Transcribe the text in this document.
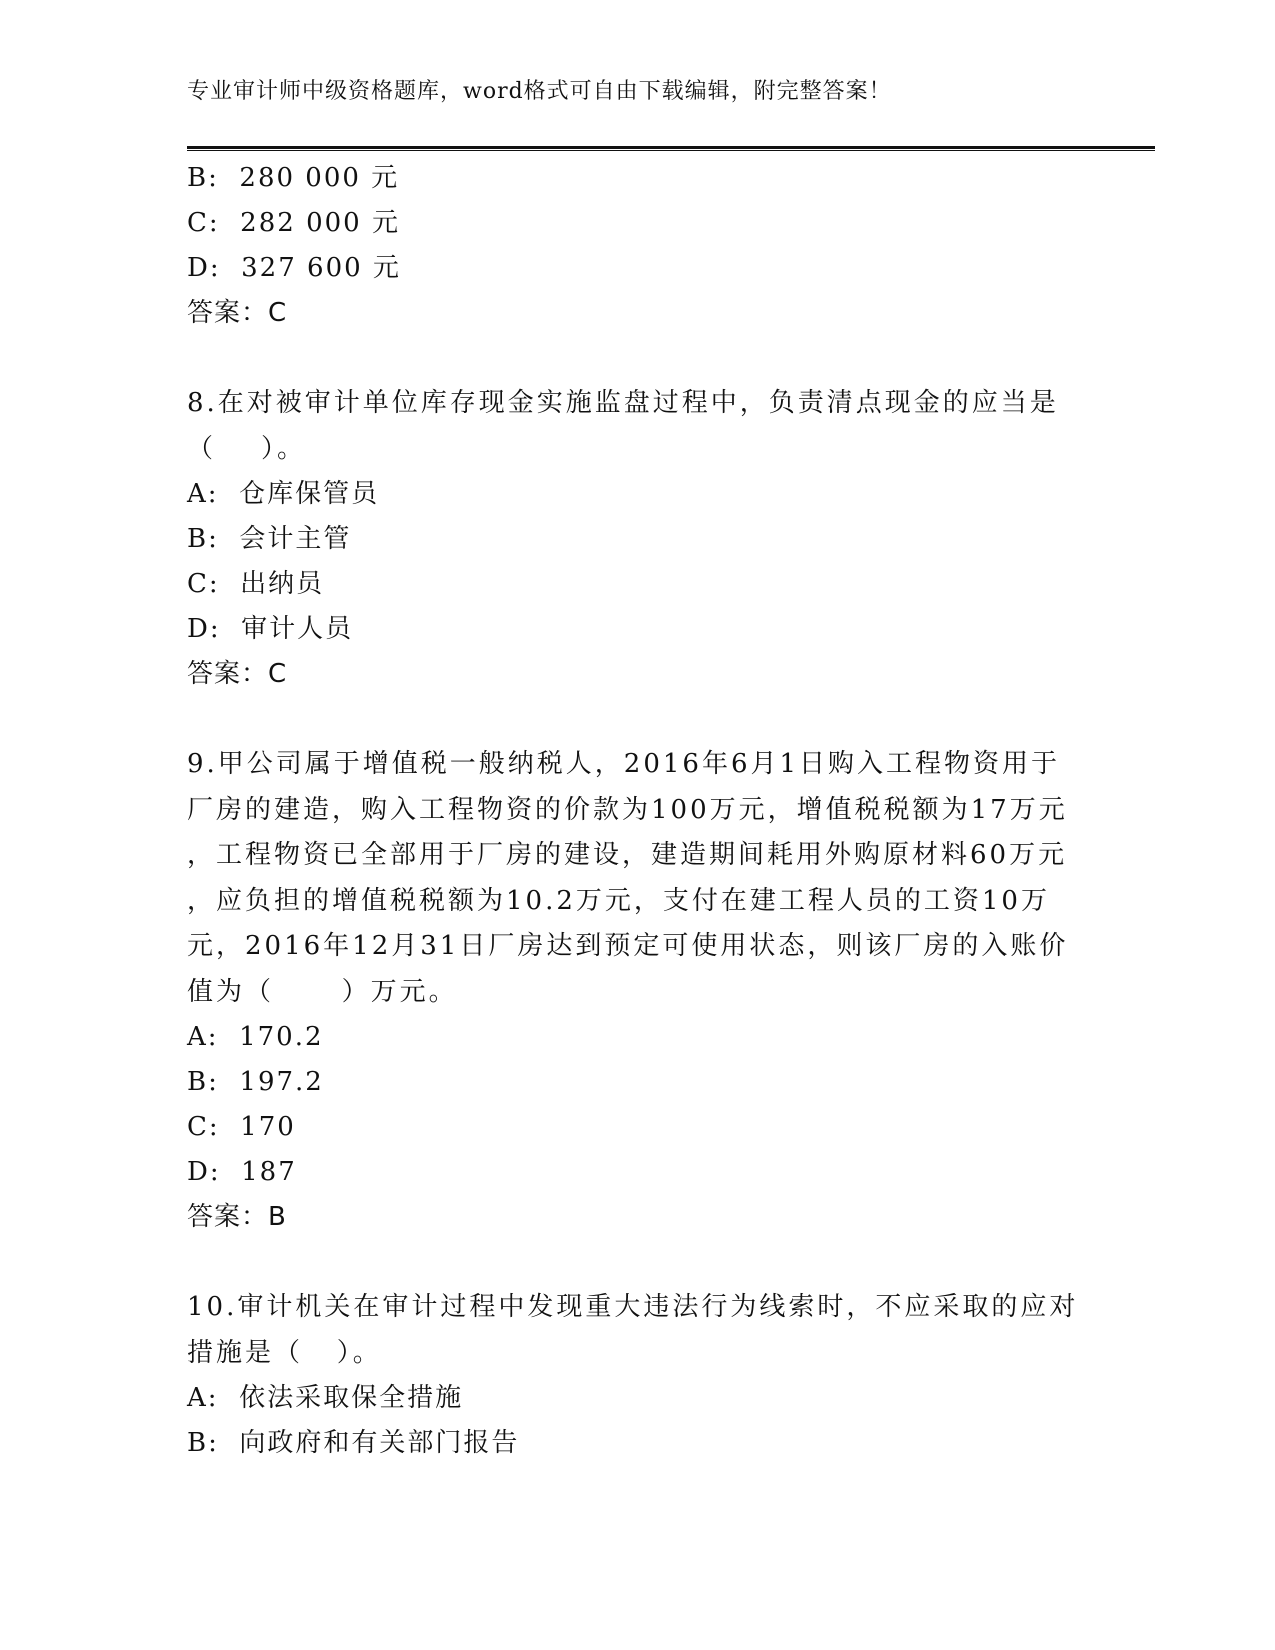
专业审计师中级资格题库，word格式可自由下载编辑，附完整答案！
B:  280 000 元
C:  282 000 元
D:  327 600 元
答案：C
8.在对被审计单位库存现金实施监盘过程中，负责清点现金的应当是
（    ）。
A:  仓库保管员
B:  会计主管
C:  出纳员
D:  审计人员
答案：C
9.甲公司属于增值税一般纳税人，2016年6月1日购入工程物资用于
厂房的建造，购入工程物资的价款为100万元，增值税税额为17万元
，工程物资已全部用于厂房的建设，建造期间耗用外购原材料60万元
，应负担的增值税税额为10.2万元，支付在建工程人员的工资10万
元，2016年12月31日厂房达到预定可使用状态，则该厂房的入账价
值为（      ）万元。
A:  170.2
B:  197.2
C:  170
D:  187
答案：B
10.审计机关在审计过程中发现重大违法行为线索时，不应采取的应对
措施是（   ）。
A:  依法采取保全措施
B:  向政府和有关部门报告
